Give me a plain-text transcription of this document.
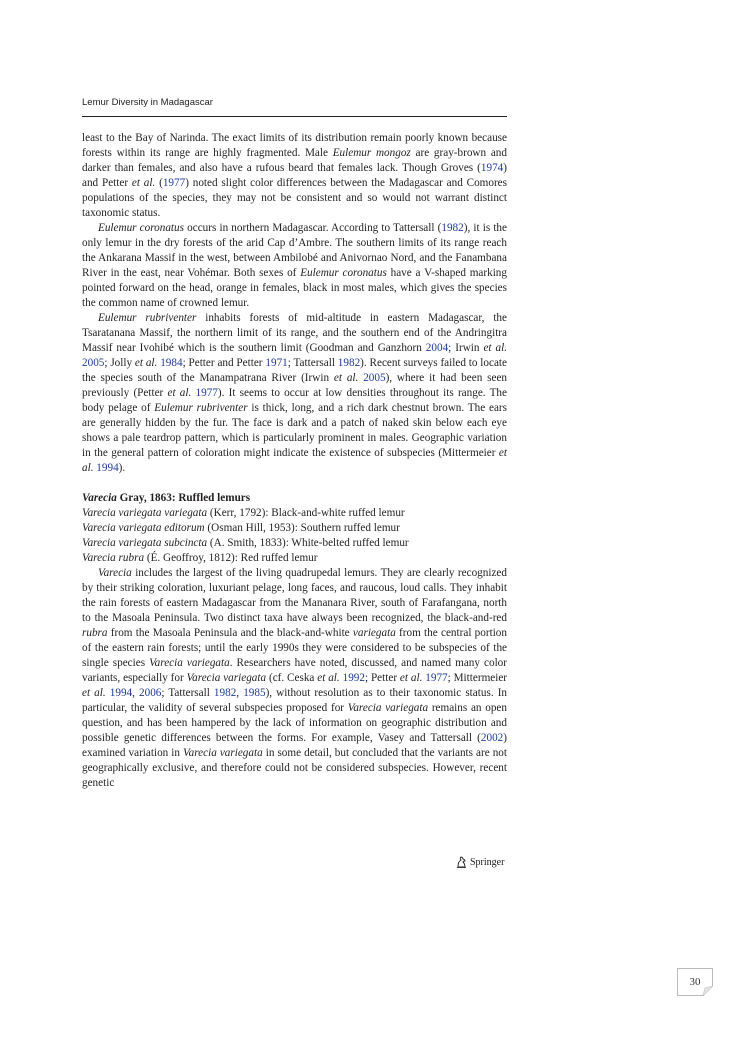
Lemur Diversity in Madagascar

least to the Bay of Narinda. The exact limits of its distribution remain poorly known because forests within its range are highly fragmented. Male Eulemur mongoz are gray-brown and darker than females, and also have a rufous beard that females lack. Though Groves (1974) and Petter et al. (1977) noted slight color differences between the Madagascar and Comores populations of the species, they may not be consistent and so would not warrant distinct taxonomic status.

Eulemur coronatus occurs in northern Madagascar. According to Tattersall (1982), it is the only lemur in the dry forests of the arid Cap d’Ambre. The southern limits of its range reach the Ankarana Massif in the west, between Ambilobé and Anivornao Nord, and the Fanambana River in the east, near Vohémar. Both sexes of Eulemur coronatus have a V-shaped marking pointed forward on the head, orange in females, black in most males, which gives the species the common name of crowned lemur.

Eulemur rubriventer inhabits forests of mid-altitude in eastern Madagascar, the Tsaratanana Massif, the northern limit of its range, and the southern end of the Andringitra Massif near Ivohibé which is the southern limit (Goodman and Ganzhorn 2004; Irwin et al. 2005; Jolly et al. 1984; Petter and Petter 1971; Tattersall 1982). Recent surveys failed to locate the species south of the Manampatrana River (Irwin et al. 2005), where it had been seen previously (Petter et al. 1977). It seems to occur at low densities throughout its range. The body pelage of Eulemur rubriventer is thick, long, and a rich dark chestnut brown. The ears are generally hidden by the fur. The face is dark and a patch of naked skin below each eye shows a pale teardrop pattern, which is particularly prominent in males. Geographic variation in the general pattern of coloration might indicate the existence of subspecies (Mittermeier et al. 1994).

Varecia Gray, 1863: Ruffled lemurs

Varecia variegata variegata (Kerr, 1792): Black-and-white ruffed lemur

Varecia variegata editorum (Osman Hill, 1953): Southern ruffed lemur

Varecia variegata subcincta (A. Smith, 1833): White-belted ruffed lemur

Varecia rubra (É. Geoffroy, 1812): Red ruffed lemur

Varecia includes the largest of the living quadrupedal lemurs. They are clearly recognized by their striking coloration, luxuriant pelage, long faces, and raucous, loud calls. They inhabit the rain forests of eastern Madagascar from the Mananara River, south of Farafangana, north to the Masoala Peninsula. Two distinct taxa have always been recognized, the black-and-red rubra from the Masoala Peninsula and the black-and-white variegata from the central portion of the eastern rain forests; until the early 1990s they were considered to be subspecies of the single species Varecia variegata. Researchers have noted, discussed, and named many color variants, especially for Varecia variegata (cf. Ceska et al. 1992; Petter et al. 1977; Mittermeier et al. 1994, 2006; Tattersall 1982, 1985), without resolution as to their taxonomic status. In particular, the validity of several subspecies proposed for Varecia variegata remains an open question, and has been hampered by the lack of information on geographic distribution and possible genetic differences between the forms. For example, Vasey and Tattersall (2002) examined variation in Varecia variegata in some detail, but concluded that the variants are not geographically exclusive, and therefore could not be considered subspecies. However, recent genetic

Springer
30
